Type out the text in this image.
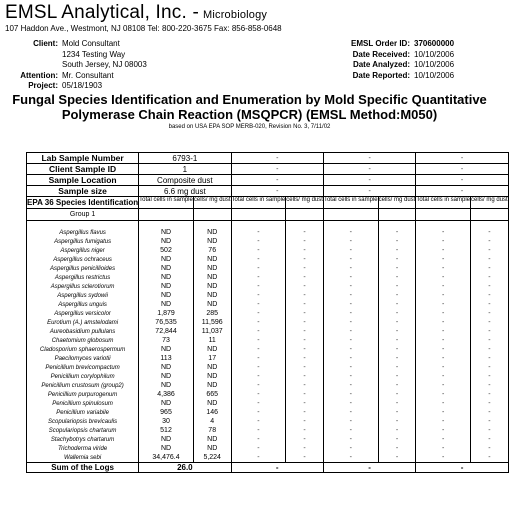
EMSL Analytical, Inc. - Microbiology
107 Haddon Ave., Westmont, NJ 08108 Tel: 800-220-3675 Fax: 856-858-0648
Client: Mold Consultant
1234 Testing Way
South Jersey, NJ 08003
Attention: Mr. Consultant
Project: 05/18/1903
EMSL Order ID: 370600000
Date Received: 10/10/2006
Date Analyzed: 10/10/2006
Date Reported: 10/10/2006
Fungal Species Identification and Enumeration by Mold Specific Quantitative
Polymerase Chain Reaction (MSQPCR) (EMSL Method:M050)
based on USA EPA SOP MERB-020, Revision No. 3, 7/11/02
Lab Sample Number	6793-1		-		-		-	
Client Sample ID	1		-		-		-	
Sample Location	Composite dust		-		-		-	
Sample size	6.6 mg dust		-		-		-	
EPA 36 Species Identification	Total cells in sample	cells/ mg dust	Total cells in sample	cells/ mg dust	Total cells in sample	cells/ mg dust	Total cells in sample	cells/ mg dust
Group 1								

Aspergillus flavus	ND	ND	-	-	-	-	-	-
Aspergillus fumigatus	ND	ND	-	-	-	-	-	-
Aspergillus niger	502	76	-	-	-	-	-	-
Aspergillus ochraceus	ND	ND	-	-	-	-	-	-
Aspergillus penicillioides	ND	ND	-	-	-	-	-	-
Aspergillus restrictus	ND	ND	-	-	-	-	-	-
Aspergillus sclerotiorum	ND	ND	-	-	-	-	-	-
Aspergillus sydowii	ND	ND	-	-	-	-	-	-
Aspergillus unguis	ND	ND	-	-	-	-	-	-
Aspergillus versicolor	1,879	285	-	-	-	-	-	-
Eurotium (A.) amstelodami	76,535	11,596	-	-	-	-	-	-
Aureobasidium pullulans	72,844	11,037	-	-	-	-	-	-
Chaetomium globosum	73	11	-	-	-	-	-	-
Cladosporium sphaerospermum	ND	ND	-	-	-	-	-	-
Paecilomyces variotii	113	17	-	-	-	-	-	-
Penicillium brevicompactum	ND	ND	-	-	-	-	-	-
Penicillium corylophilum	ND	ND	-	-	-	-	-	-
Penicillium crustosum (group2)	ND	ND	-	-	-	-	-	-
Penicillium purpurogenum	4,386	665	-	-	-	-	-	-
Penicillium spinulosum	ND	ND	-	-	-	-	-	-
Penicillium variabile	965	146	-	-	-	-	-	-
Scopulariopsis brevicaulis	30	4	-	-	-	-	-	-
Scopulariopsis chartarum	512	78	-	-	-	-	-	-
Stachybotrys chartarum	ND	ND	-	-	-	-	-	-
Trichoderma viride	ND	ND	-	-	-	-	-	-
Wallemia sebi	34,476.4	5,224	-	-	-	-	-	-
Sum of the Logs	26.0		-		-		-	
